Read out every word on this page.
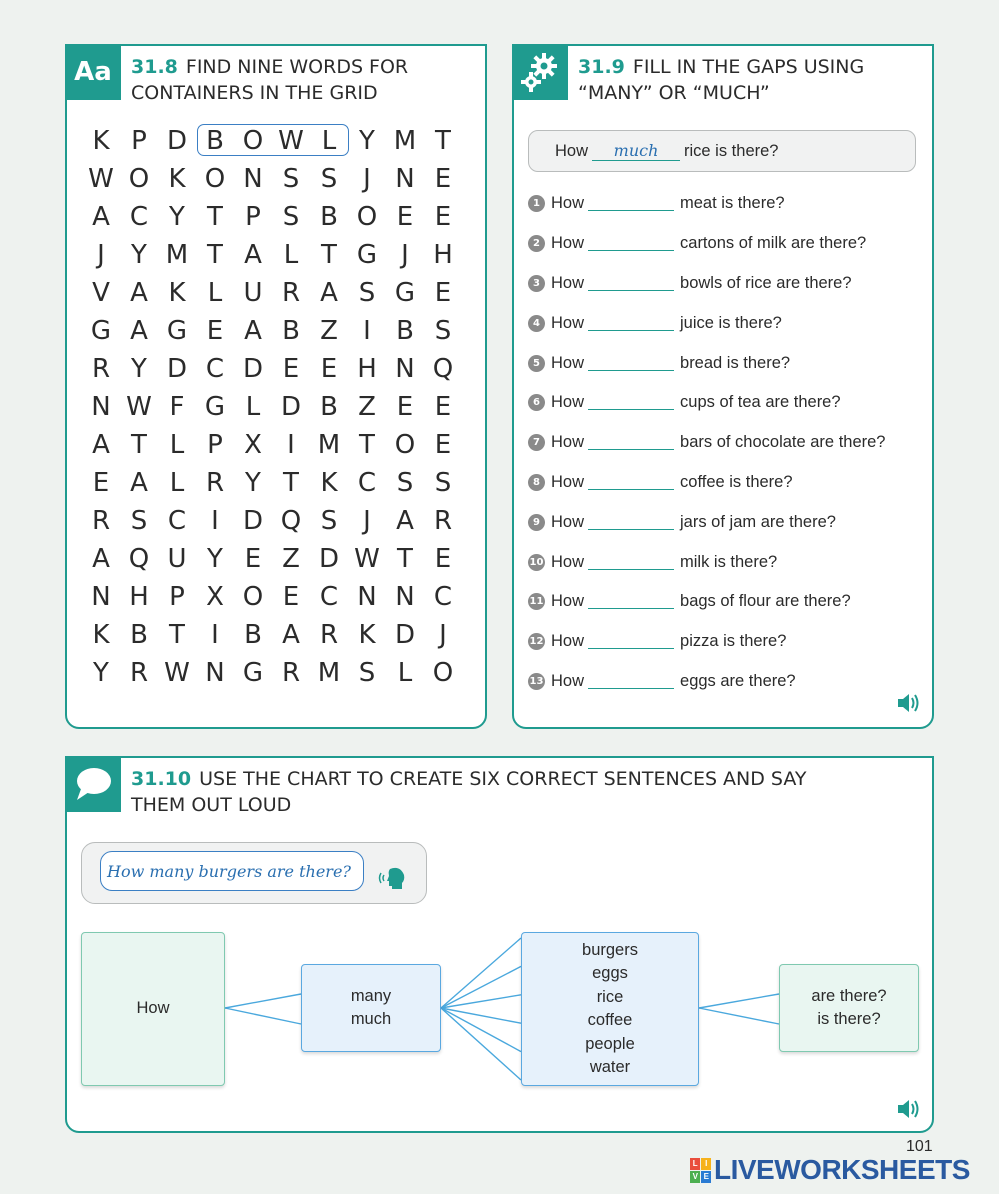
Aa 31.8 FIND NINE WORDS FOR CONTAINERS IN THE GRID
K P D B O W L Y M T
W O K O N S S J N E
A C Y T P S B O E E
J	Y M T A L T G J H
V A K L U R A S G E
G A G E A B Z I B S
R Y D C D E E H N Q
N W F G L D B Z E E
A T L P X I M T O E
E A L R Y T K C S S
R S C I D Q S J A R
A Q U Y E Z D W T E
N H P X O E C N N C
K B T	I B A R K D J
Y R W N G R M S L O
31.9 FILL IN THE GAPS USING “MANY” OR “MUCH”
How	much	rice is there?
1 How	meat is there?
2 How	cartons of milk are there?
3 How	bowls of rice are there?
4 How	juice is there?
5 How	bread is there?
6 How	cups of tea are there?
7 How	bars of chocolate are there?
8 How	coffee is there?
9 How	jars of jam are there?
10 How	milk is there?
11 How	bags of flour are there?
12 How	pizza is there?
13 How	eggs are there?
31.10 USE THE CHART TO CREATE SIX CORRECT SENTENCES AND SAY THEM OUT LOUD
How many burgers are there?
How
many
much
burgers
eggs
rice
coffee
people
water
are there?
is there?
101
L I
V E LIVEWORKSHEETS
